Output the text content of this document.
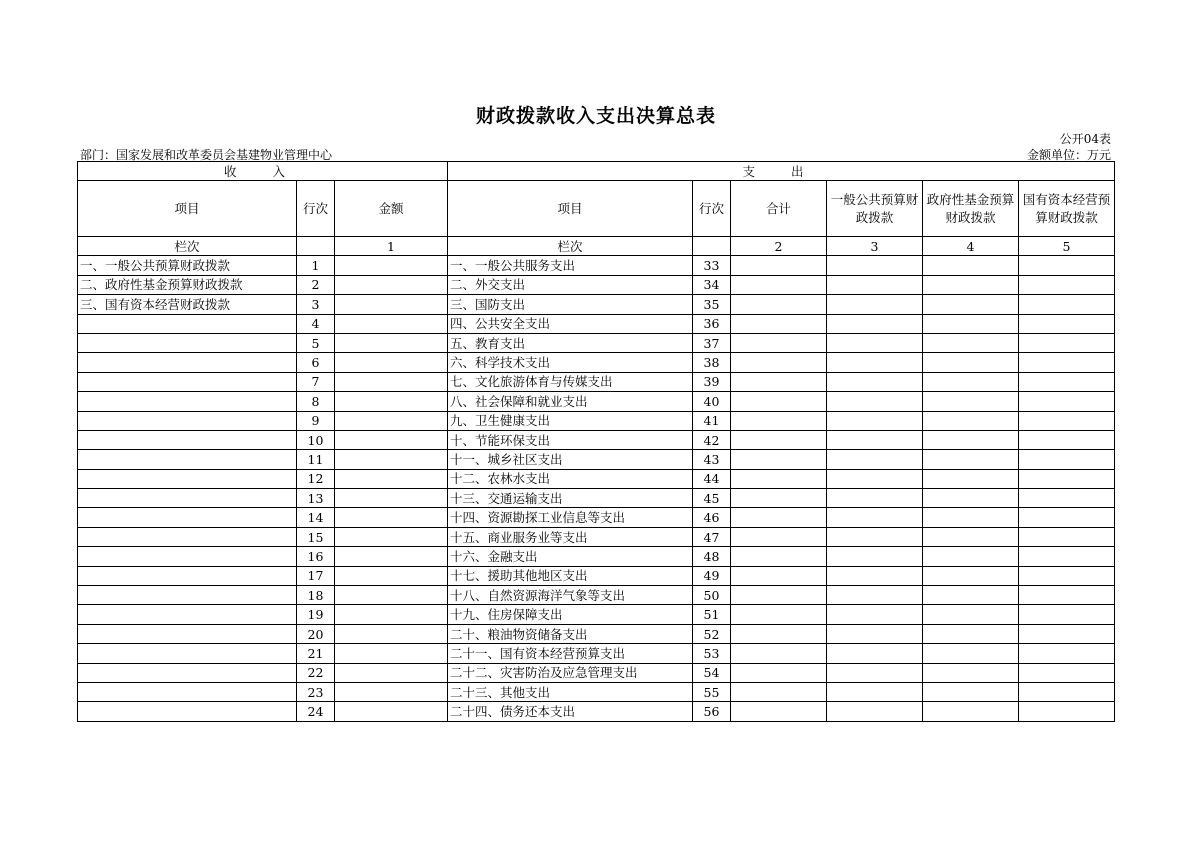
财政拨款收入支出决算总表
公开04表
部门：国家发展和改革委员会基建物业管理中心	金额单位：万元
收 入			支 出					
项目	行次	金额	项目	行次	合计	一般公共预算财政拨款	政府性基金预算财政拨款	国有资本经营预算财政拨款
栏次		1	栏次		2	3	4	5
一、一般公共预算财政拨款	1		一、一般公共服务支出	33				
二、政府性基金预算财政拨款	2		二、外交支出	34				
三、国有资本经营财政拨款	3		三、国防支出	35				
	4		四、公共安全支出	36				
	5		五、教育支出	37				
	6		六、科学技术支出	38				
	7		七、文化旅游体育与传媒支出	39				
	8		八、社会保障和就业支出	40				
	9		九、卫生健康支出	41				
	10		十、节能环保支出	42				
	11		十一、城乡社区支出	43				
	12		十二、农林水支出	44				
	13		十三、交通运输支出	45				
	14		十四、资源勘探工业信息等支出	46				
	15		十五、商业服务业等支出	47				
	16		十六、金融支出	48				
	17		十七、援助其他地区支出	49				
	18		十八、自然资源海洋气象等支出	50				
	19		十九、住房保障支出	51				
	20		二十、粮油物资储备支出	52				
	21		二十一、国有资本经营预算支出	53				
	22		二十二、灾害防治及应急管理支出	54				
	23		二十三、其他支出	55				
	24		二十四、债务还本支出	56				
